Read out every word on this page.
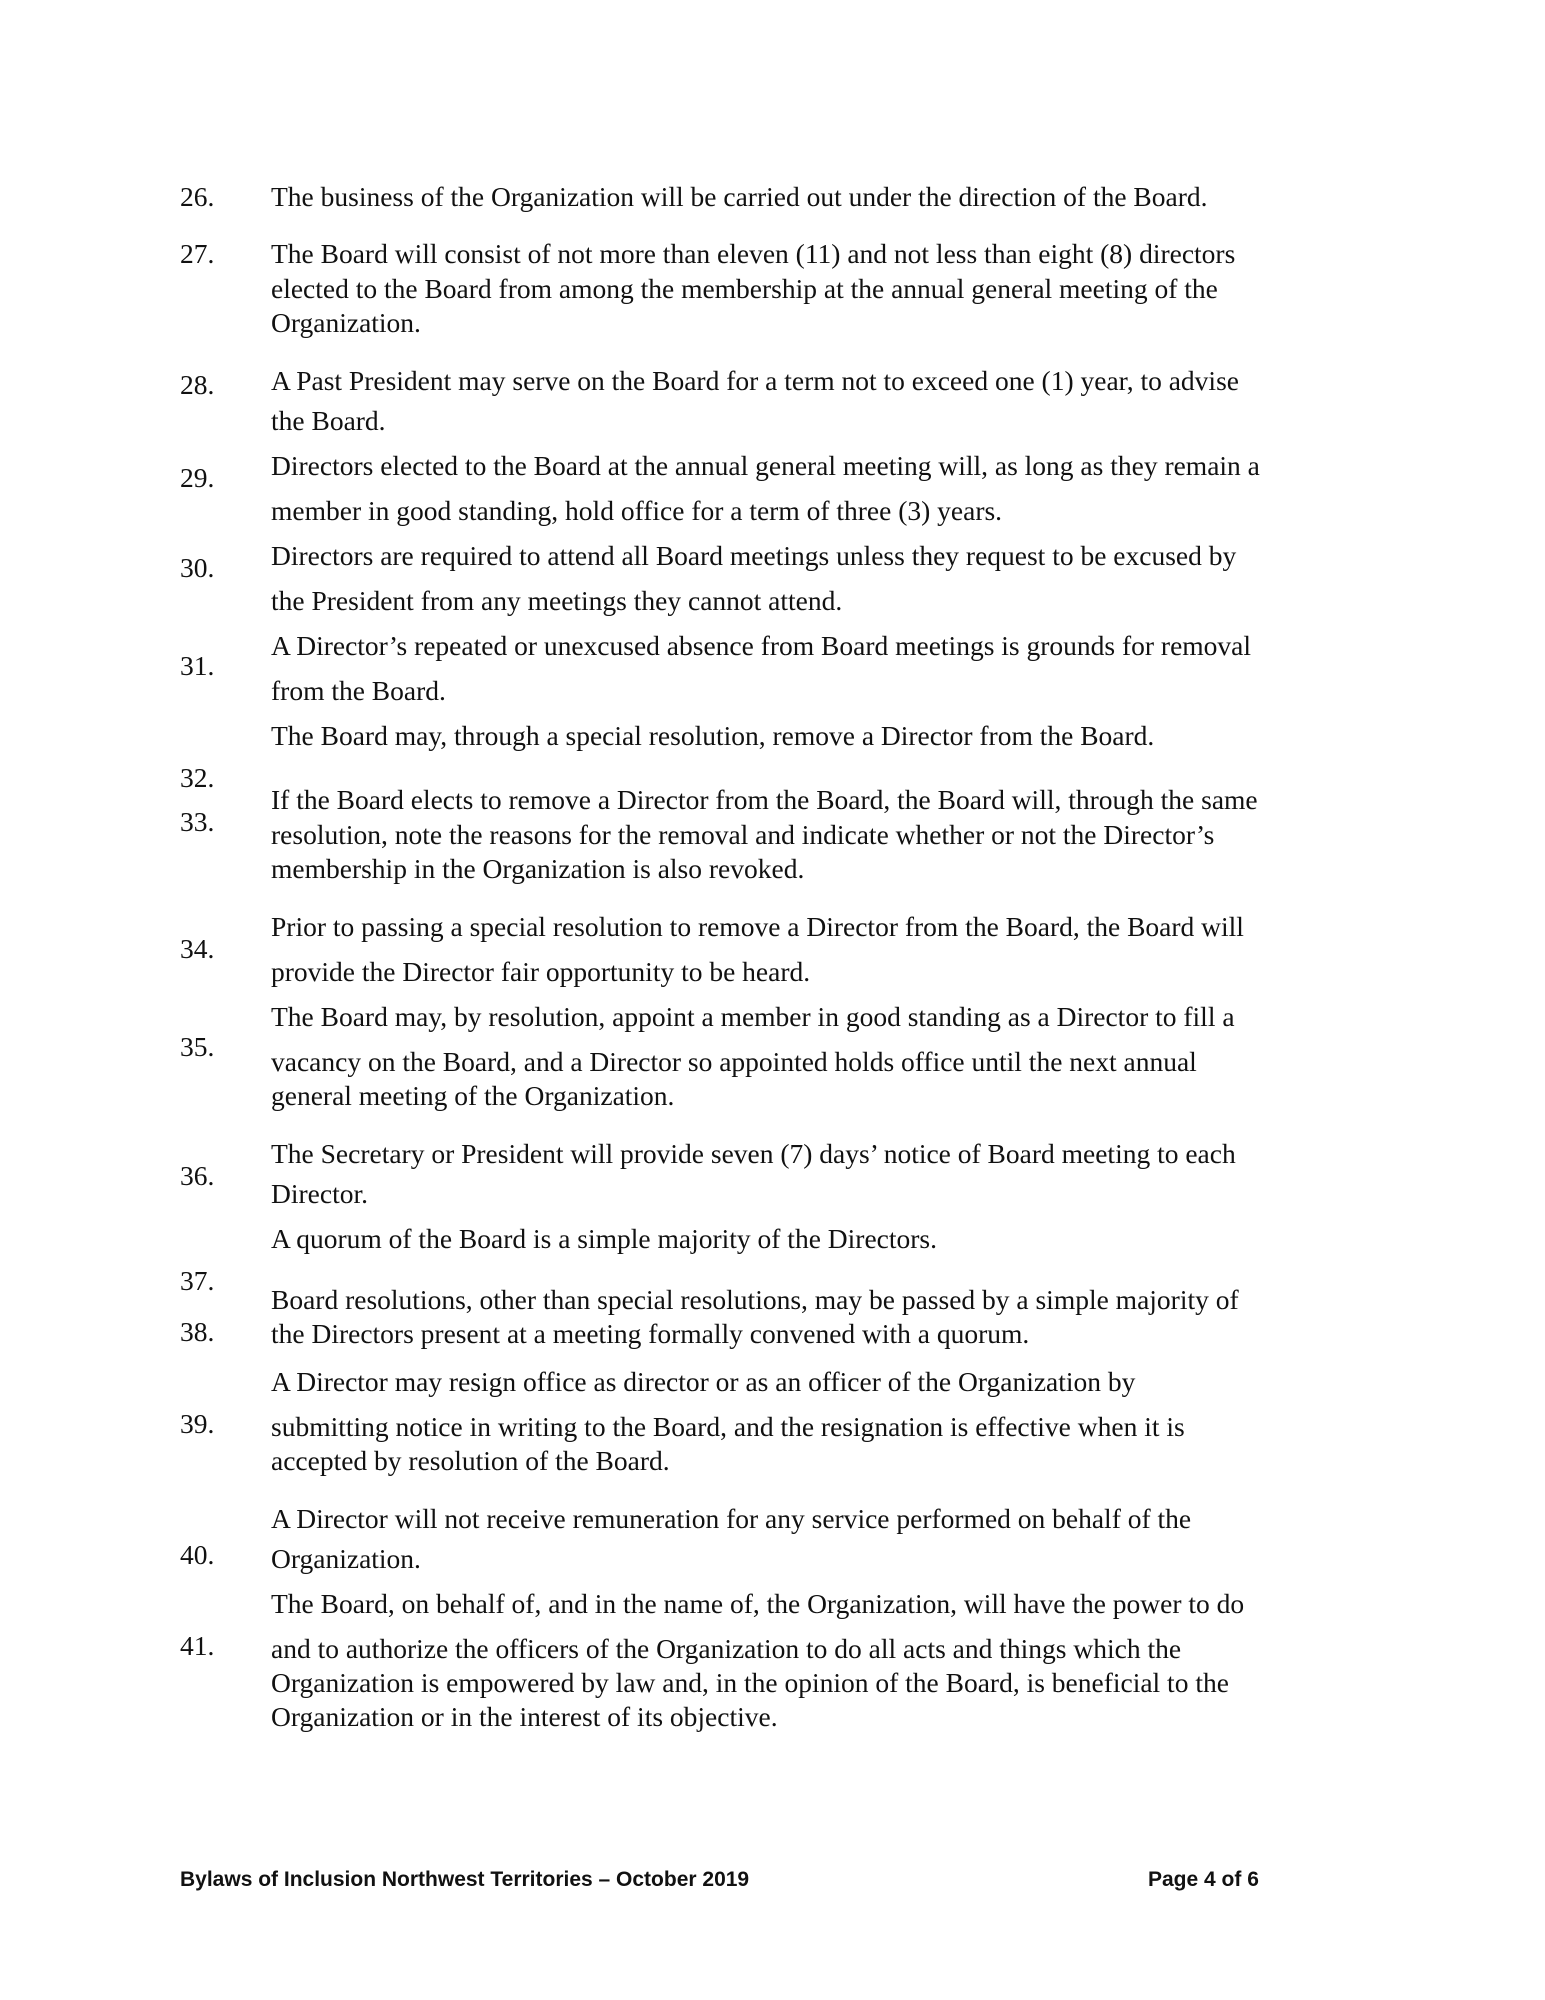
26.	The business of the Organization will be carried out under the direction of the Board.
27.	The Board will consist of not more than eleven (11) and not less than eight (8) directors
elected to the Board from among the membership at the annual general meeting of the
Organization.
28.	A Past President may serve on the Board for a term not to exceed one (1) year, to advise
the Board.
29.	Directors elected to the Board at the annual general meeting will, as long as they remain a
member in good standing, hold office for a term of three (3) years.
30.	Directors are required to attend all Board meetings unless they request to be excused by
the President from any meetings they cannot attend.
31.
A Director’s repeated or unexcused absence from Board meetings is grounds for removal
from the Board.
32.
The Board may, through a special resolution, remove a Director from the Board.
33.
If the Board elects to remove a Director from the Board, the Board will, through the same
resolution, note the reasons for the removal and indicate whether or not the Director’s
membership in the Organization is also revoked.
34.
Prior to passing a special resolution to remove a Director from the Board, the Board will
provide the Director fair opportunity to be heard.
35.
The Board may, by resolution, appoint a member in good standing as a Director to fill a
vacancy on the Board, and a Director so appointed holds office until the next annual
general meeting of the Organization.
36.
The Secretary or President will provide seven (7) days’ notice of Board meeting to each
Director.
37.
A quorum of the Board is a simple majority of the Directors.
38.
Board resolutions, other than special resolutions, may be passed by a simple majority of
the Directors present at a meeting formally convened with a quorum.
39.
A Director may resign office as director or as an officer of the Organization by
submitting notice in writing to the Board, and the resignation is effective when it is
accepted by resolution of the Board.
40.
A Director will not receive remuneration for any service performed on behalf of the
Organization.
41.
The Board, on behalf of, and in the name of, the Organization, will have the power to do
and to authorize the officers of the Organization to do all acts and things which the
Organization is empowered by law and, in the opinion of the Board, is beneficial to the
Organization or in the interest of its objective.
Bylaws of Inclusion Northwest Territories – October 2019	Page 4 of 6
